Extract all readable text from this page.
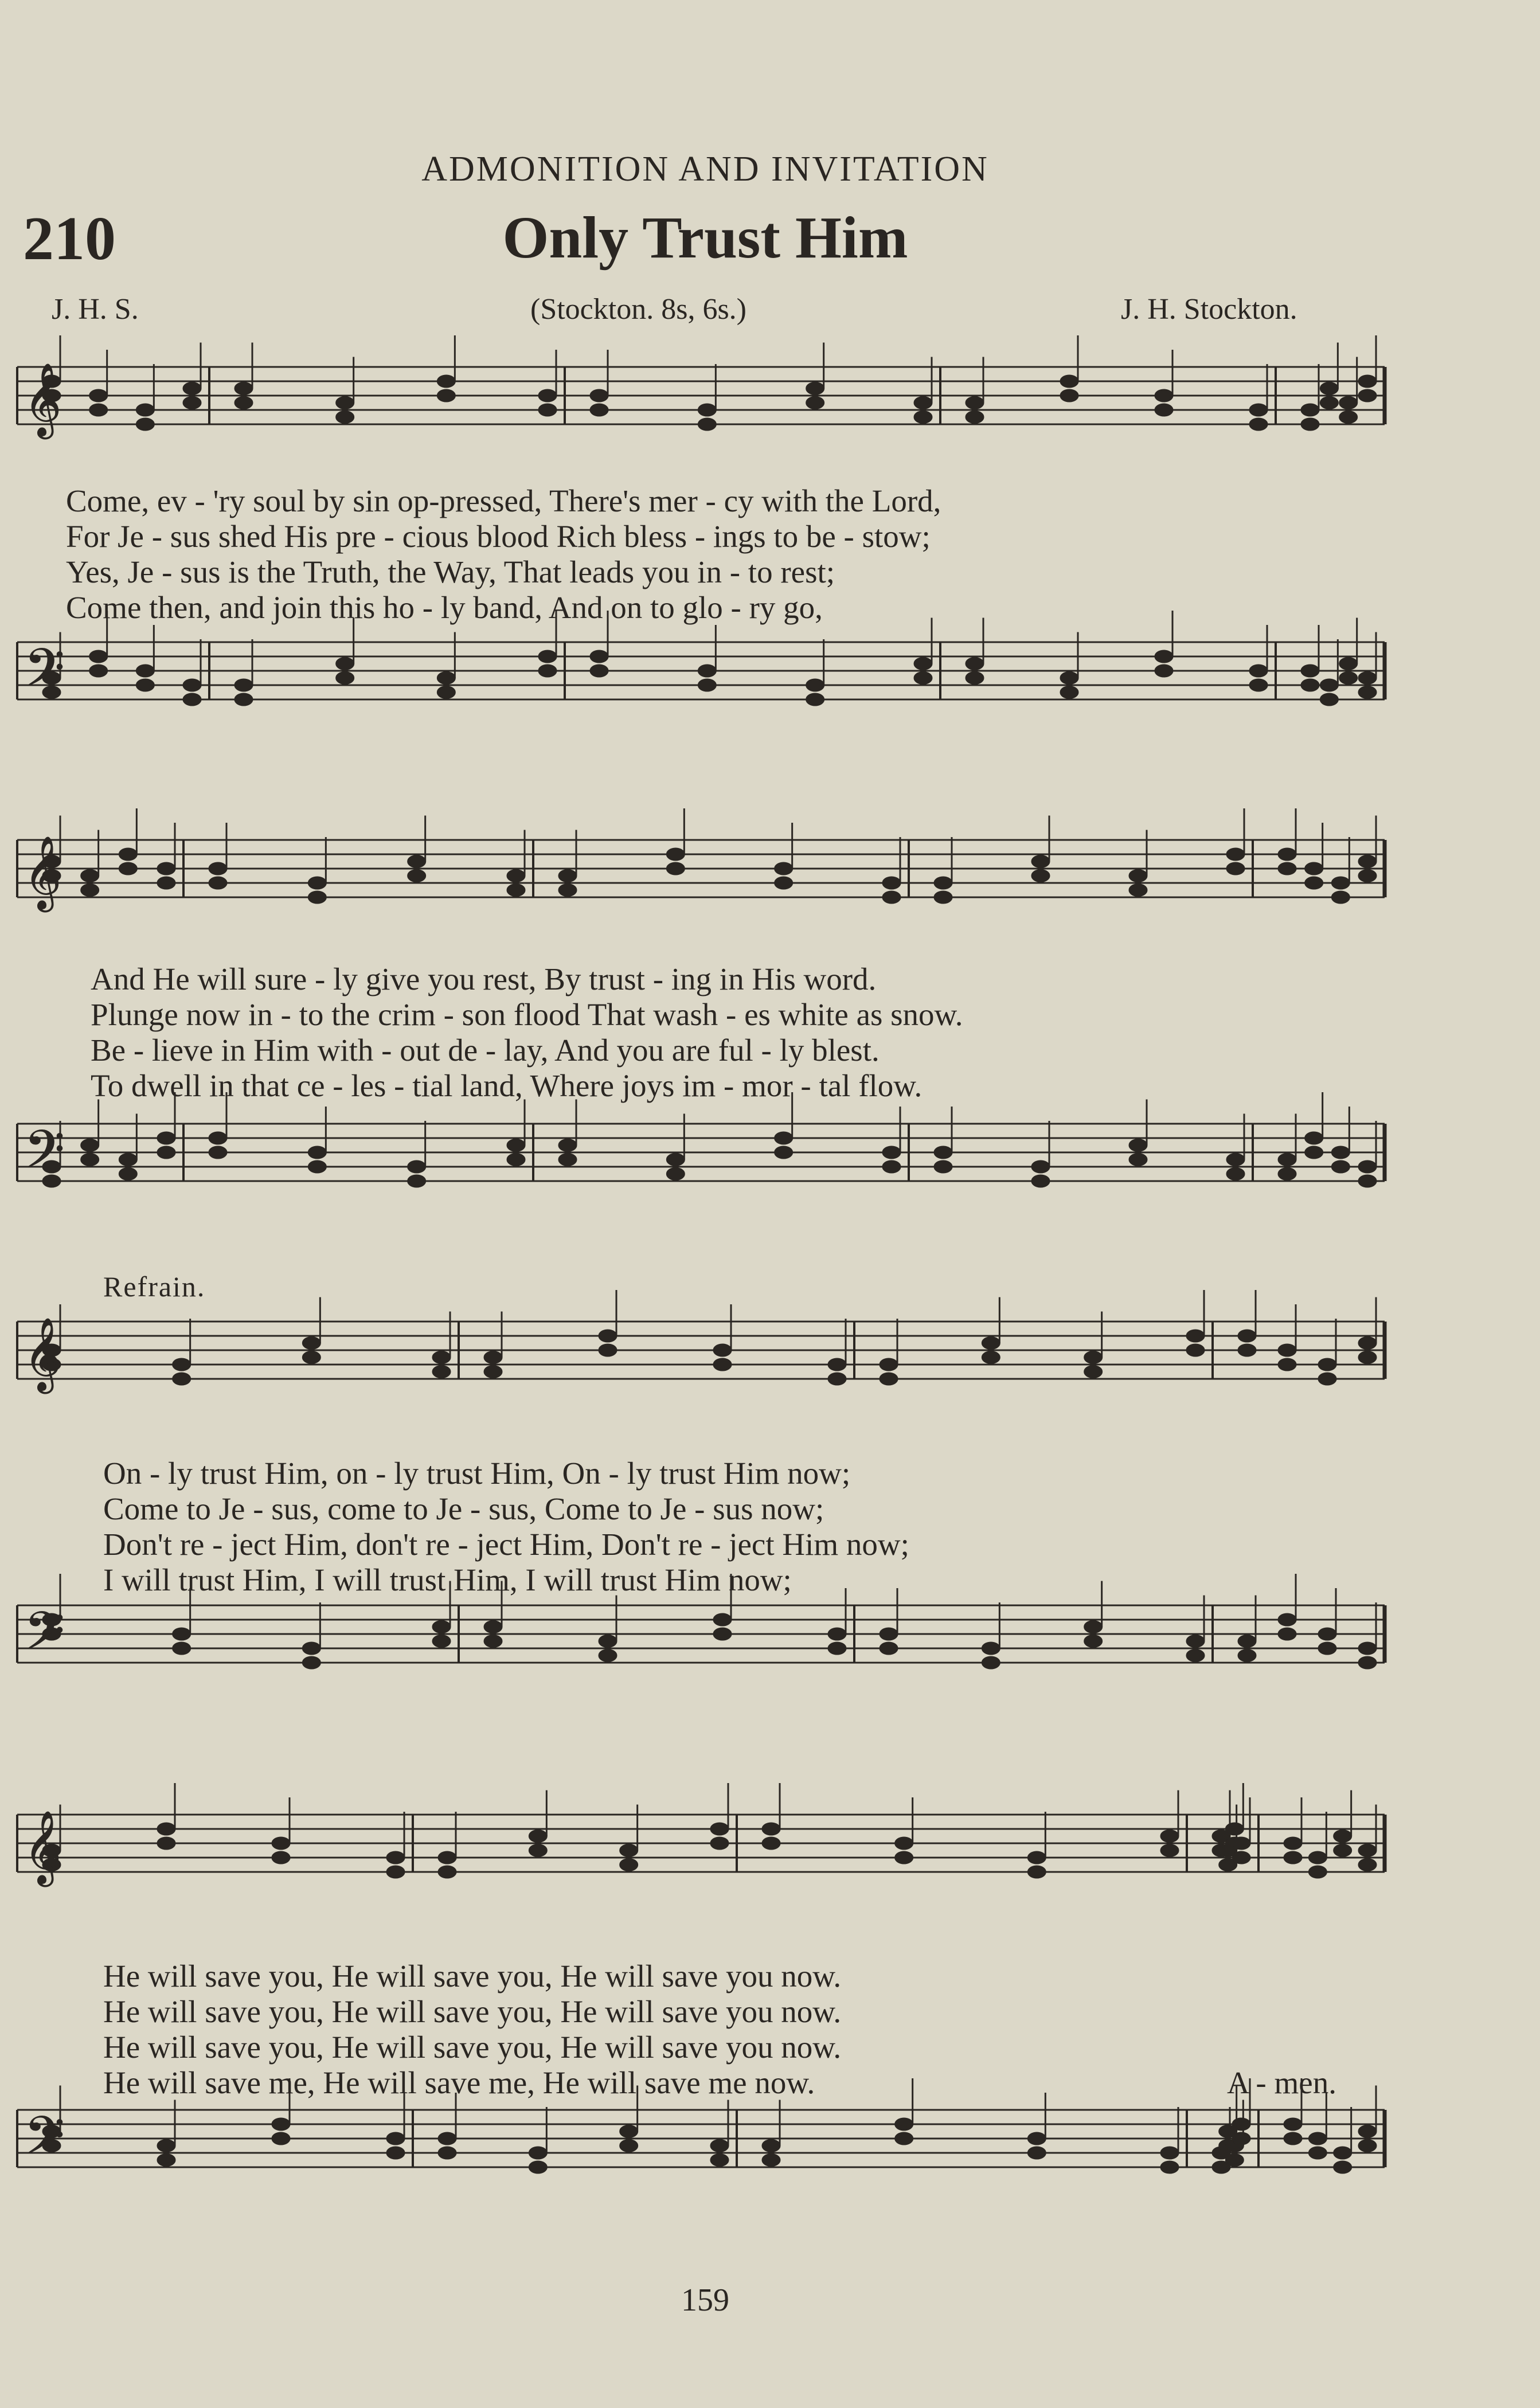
ADMONITION AND INVITATION
210	Only Trust Him
J. H. S.	(Stockton. 8s, 6s.)	J. H. Stockton.
𝄞
𝄢
𝄞
𝄢
𝄞
𝄢
𝄞
𝄢
Come, ev - 'ry soul by sin op-pressed, There's mer - cy with the Lord,
For Je - sus shed His pre - cious blood Rich bless - ings to be - stow;
Yes, Je - sus is the Truth, the Way, That leads you in - to rest;
Come then, and join this ho - ly band, And on to glo - ry go,
And He will sure - ly give you rest, By trust - ing in His word.
Plunge now in - to the crim - son flood That wash - es white as snow.
Be - lieve in Him with - out de - lay, And you are ful - ly blest.
To dwell in that ce - les - tial land, Where joys im - mor - tal flow.
Refrain.
On - ly trust Him, on - ly trust Him, On - ly trust Him now;
Come to Je - sus, come to Je - sus, Come to Je - sus now;
Don't re - ject Him, don't re - ject Him, Don't re - ject Him now;
I will trust Him, I will trust Him, I will trust Him now;
He will save you, He will save you, He will save you now.
He will save you, He will save you, He will save you now.
He will save you, He will save you, He will save you now.
He will save me, He will save me, He will save me now.	A - men.
159
